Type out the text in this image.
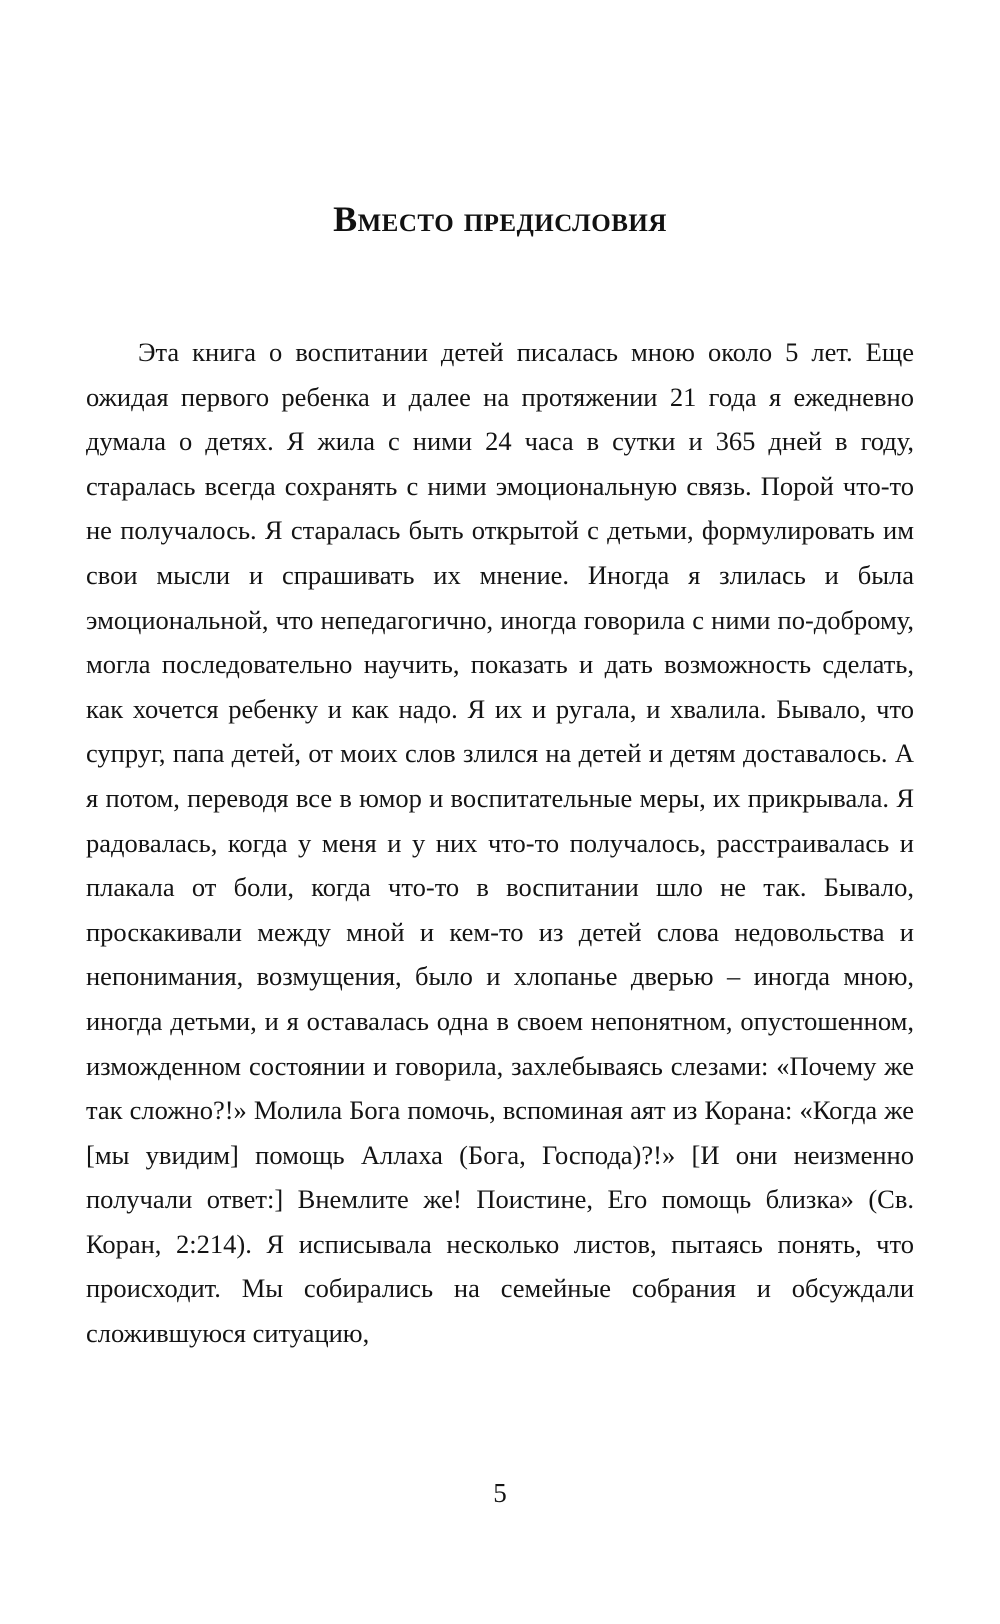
Вместо предисловия

Эта книга о воспитании детей писалась мною около 5 лет. Еще ожидая первого ребенка и далее на протяжении 21 года я ежедневно думала о детях. Я жила с ними 24 часа в сутки и 365 дней в году, старалась всегда сохранять с ними эмоциональную связь. Порой что-то не получалось. Я старалась быть открытой с детьми, формулировать им свои мысли и спрашивать их мнение. Иногда я злилась и была эмоциональной, что непедагогично, иногда говорила с ними по-доброму, могла последовательно научить, показать и дать возможность сделать, как хочется ребенку и как надо. Я их и ругала, и хвалила. Бывало, что супруг, папа детей, от моих слов злился на детей и детям доставалось. А я потом, переводя все в юмор и воспитательные меры, их прикрывала. Я радовалась, когда у меня и у них что-то получалось, расстраивалась и плакала от боли, когда что-то в воспитании шло не так. Бывало, проскакивали между мной и кем-то из детей слова недовольства и непонимания, возмущения, было и хлопанье дверью – иногда мною, иногда детьми, и я оставалась одна в своем непонятном, опустошенном, изможденном состоянии и говорила, захлебываясь слезами: «Почему же так сложно?!» Молила Бога помочь, вспоминая аят из Корана: «Когда же [мы увидим] помощь Аллаха (Бога, Господа)?!» [И они неизменно получали ответ:] Внемлите же! Поистине, Его помощь близка» (Св. Коран, 2:214). Я исписывала несколько листов, пытаясь понять, что происходит. Мы собирались на семейные собрания и обсуждали сложившуюся ситуацию,

5
